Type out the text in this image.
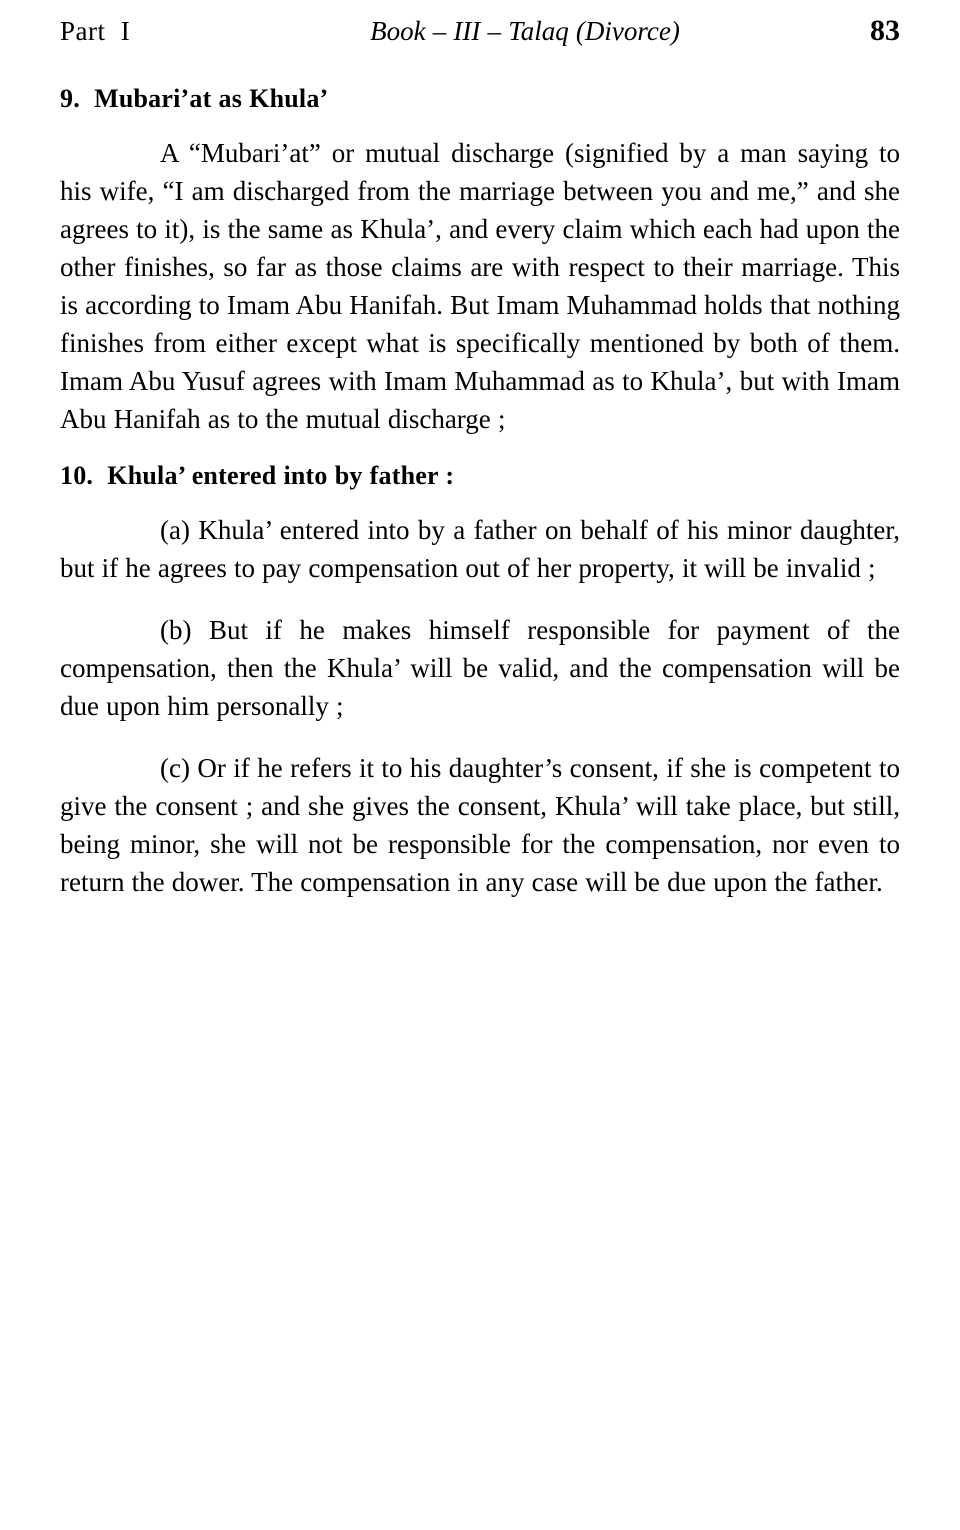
Part  I	Book – III – Talaq (Divorce)	83
9.  Mubari’at as Khula’

A “Mubari’at” or mutual discharge (signified by a man saying to his wife, “I am discharged from the marriage between you and me,” and she agrees to it), is the same as Khula’, and every claim which each had upon the other finishes, so far as those claims are with respect to their marriage. This is according to Imam Abu Hanifah. But Imam Muhammad holds that nothing finishes from either except what is specifically mentioned by both of them. Imam Abu Yusuf agrees with Imam Muhammad as to Khula’, but with Imam Abu Hanifah as to the mutual discharge ;

10.  Khula’ entered into by father :

(a) Khula’ entered into by a father on behalf of his minor daughter, but if he agrees to pay compensation out of her property, it will be invalid ;

(b) But if he makes himself responsible for payment of the compensation, then the Khula’ will be valid, and the compensation will be due upon him personally ;

(c) Or if he refers it to his daughter’s consent, if she is competent to give the consent ; and she gives the consent, Khula’ will take place, but still, being minor, she will not be responsible for the compensation, nor even to return the dower. The compensation in any case will be due upon the father.
